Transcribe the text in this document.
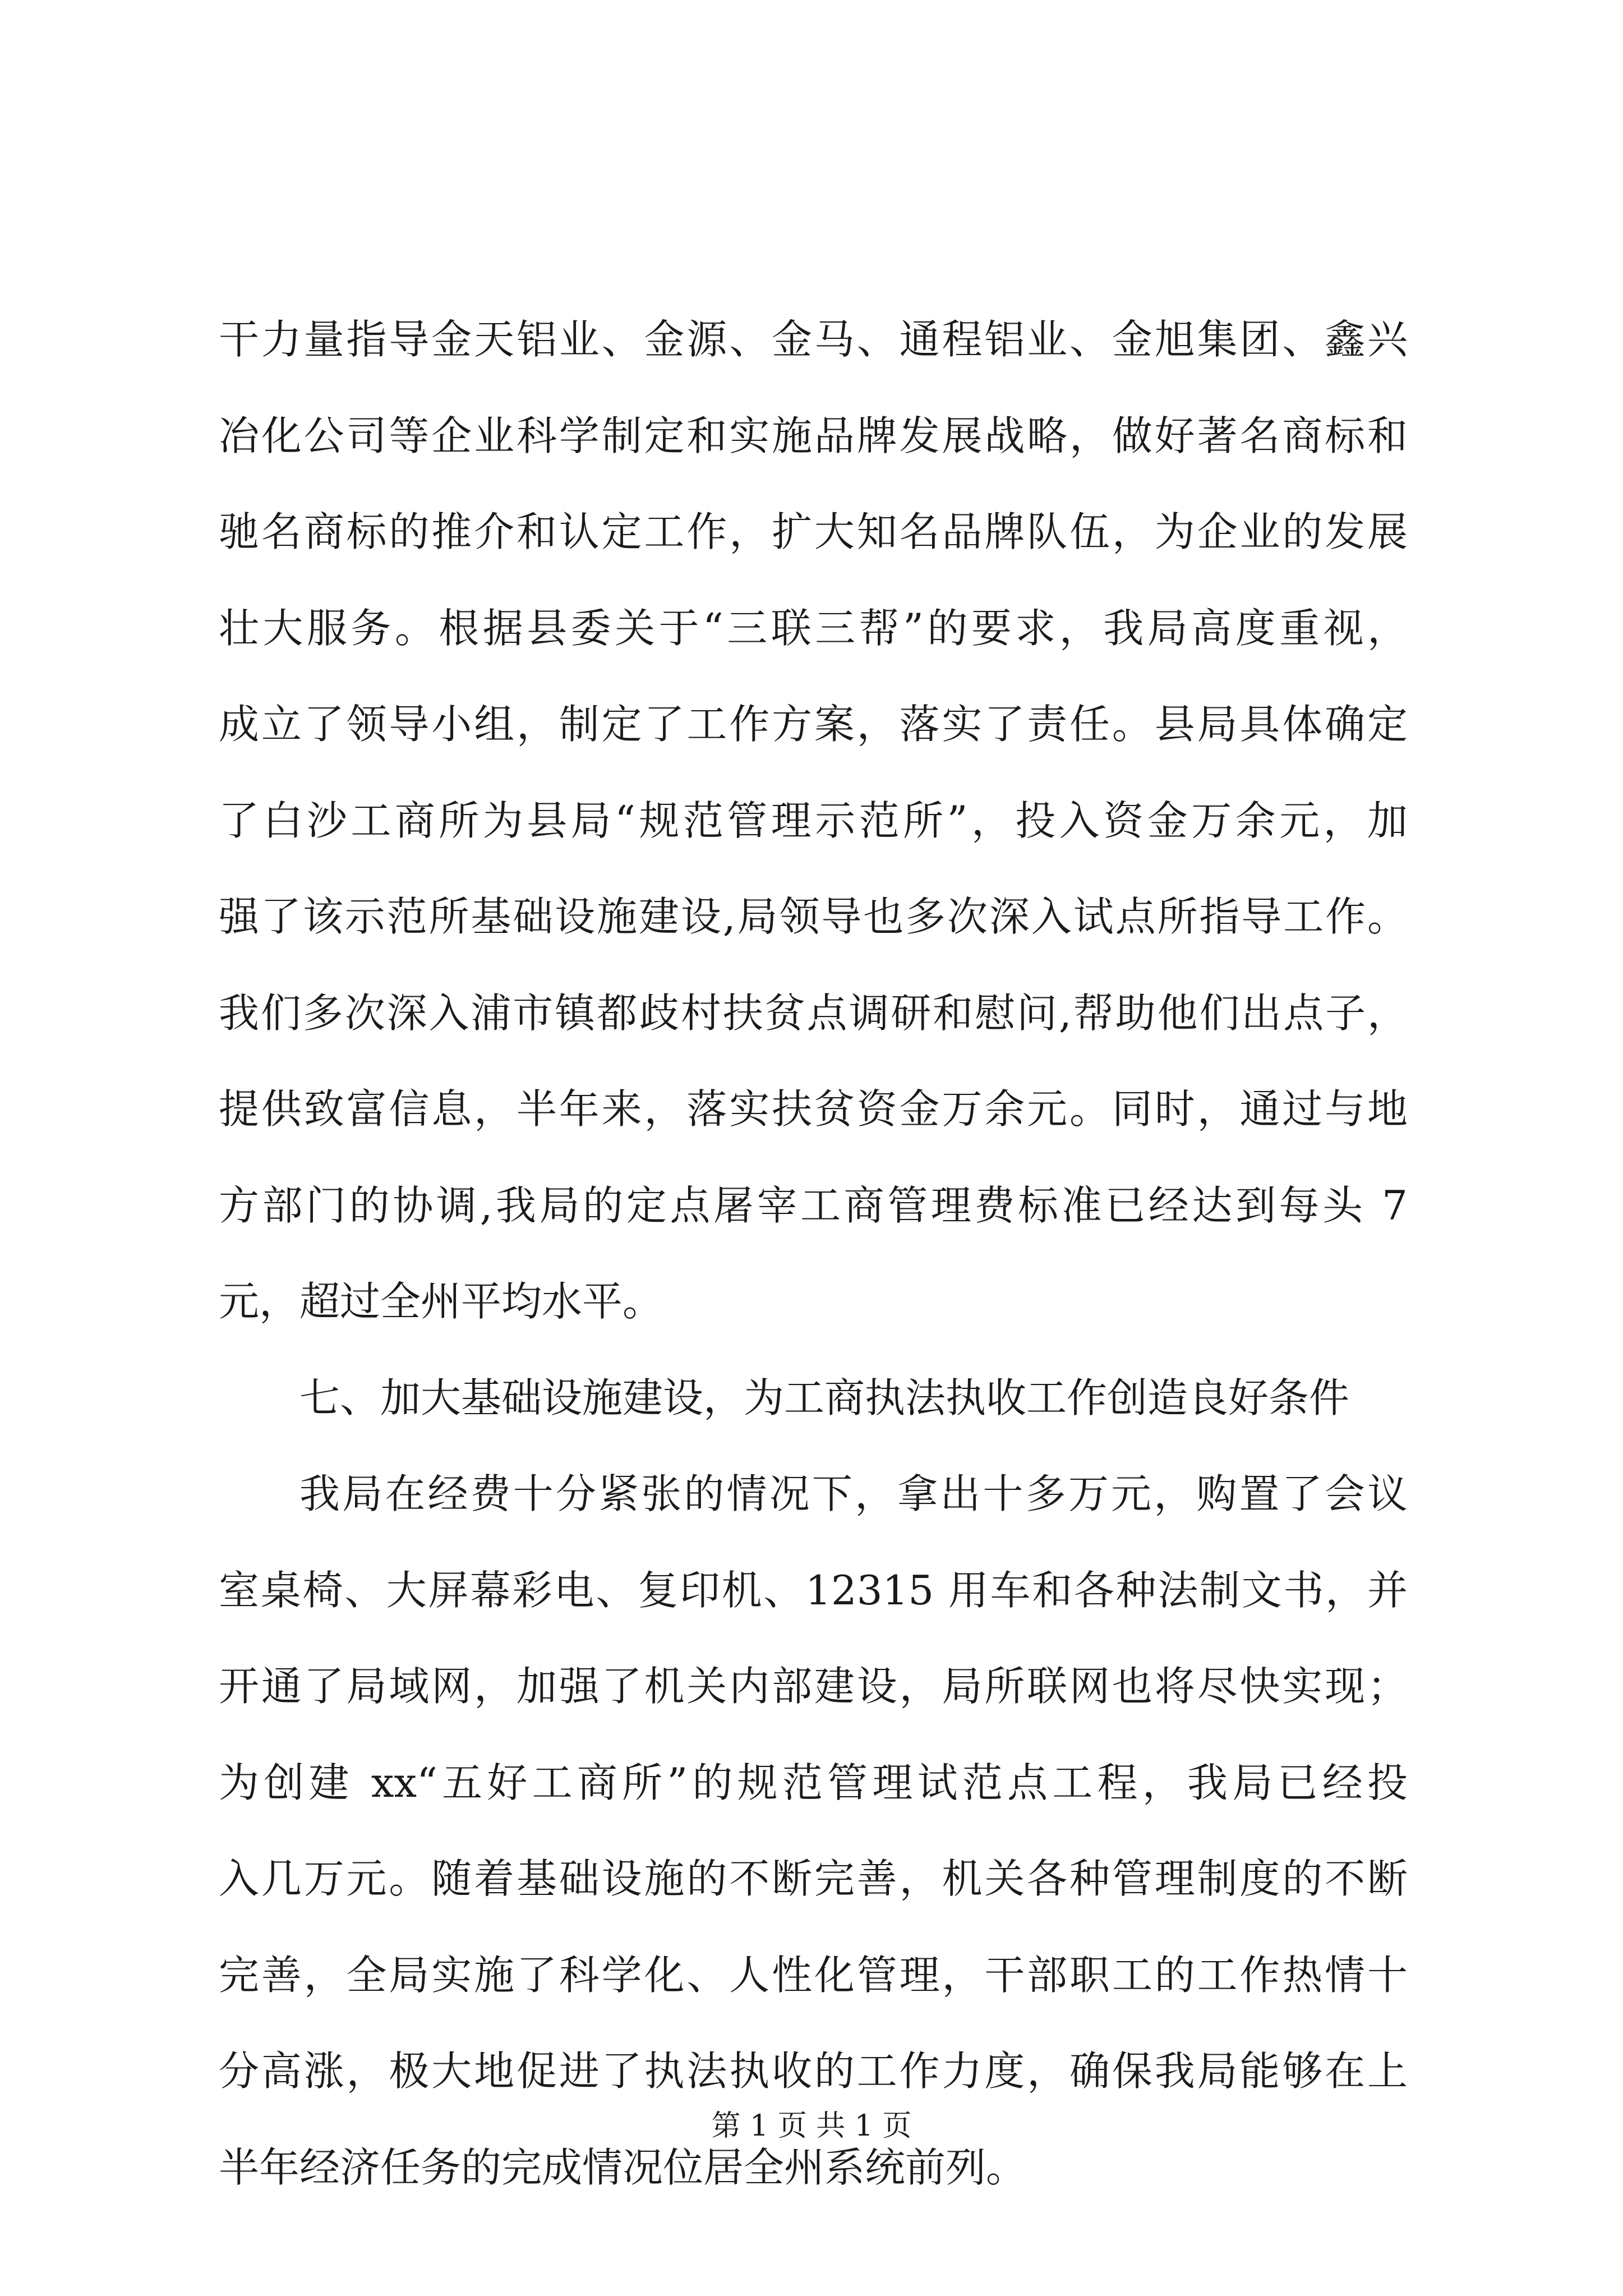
干力量指导金天铝业、金源、金马、通程铝业、金旭集团、鑫兴
冶化公司等企业科学制定和实施品牌发展战略，做好著名商标和
驰名商标的推介和认定工作，扩大知名品牌队伍，为企业的发展
壮大服务。根据县委关于“三联三帮”的要求，我局高度重视，
成立了领导小组，制定了工作方案，落实了责任。县局具体确定
了白沙工商所为县局“规范管理示范所”，投入资金万余元，加
强了该示范所基础设施建设,局领导也多次深入试点所指导工作。
我们多次深入浦市镇都歧村扶贫点调研和慰问,帮助他们出点子，
提供致富信息，半年来，落实扶贫资金万余元。同时，通过与地
方部门的协调,我局的定点屠宰工商管理费标准已经达到每头 7
元，超过全州平均水平。
七、加大基础设施建设，为工商执法执收工作创造良好条件
我局在经费十分紧张的情况下，拿出十多万元，购置了会议
室桌椅、大屏幕彩电、复印机、12315 用车和各种法制文书，并
开通了局域网，加强了机关内部建设，局所联网也将尽快实现；
为创建 xx“五好工商所”的规范管理试范点工程，我局已经投
入几万元。随着基础设施的不断完善，机关各种管理制度的不断
完善，全局实施了科学化、人性化管理，干部职工的工作热情十
分高涨，极大地促进了执法执收的工作力度，确保我局能够在上
半年经济任务的完成情况位居全州系统前列。
第 1 页 共 1 页
